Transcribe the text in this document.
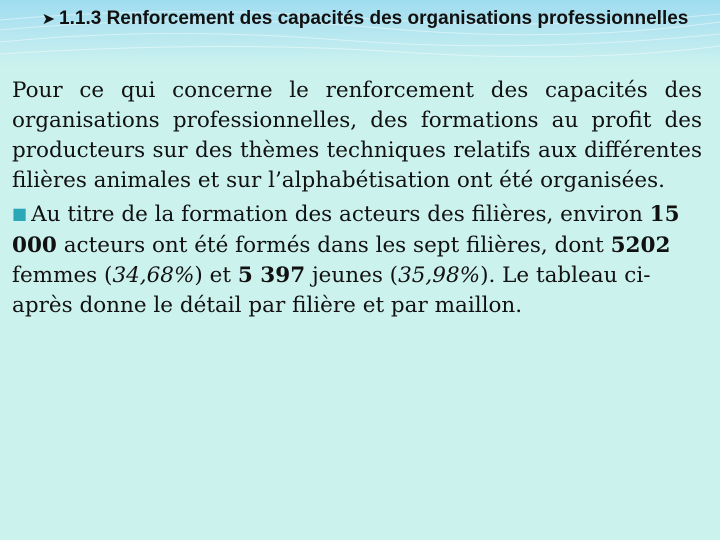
➤ 1.1.3 Renforcement des capacités des organisations professionnelles

Pour ce qui concerne le renforcement des capacités des organisations professionnelles, des formations au profit des producteurs sur des thèmes techniques relatifs aux différentes filières animales et sur l’alphabétisation ont été organisées.

■ Au titre de la formation des acteurs des filières, environ 15 000 acteurs ont été formés dans les sept filières, dont 5202 femmes (34,68%) et 5 397 jeunes (35,98%). Le tableau ci-après donne le détail par filière et par maillon.
